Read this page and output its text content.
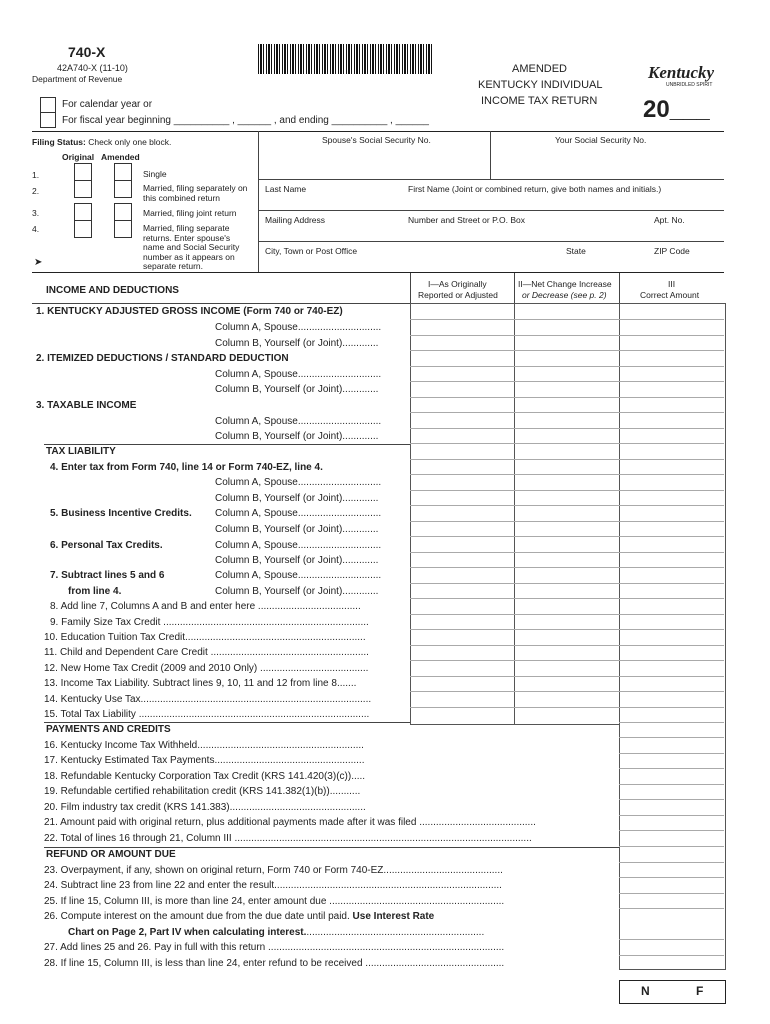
740-X
42A740-X (11-10)
Department of Revenue
AMENDED
KENTUCKY INDIVIDUAL
INCOME TAX RETURN
Kentucky
UNBRIDLED SPIRIT
20___
For calendar year or
For fiscal year beginning __________ , ______ , and ending __________ , ______
Filing Status: Check only one block.
Original Amended
1.	Single
2.	Married, filing separately on this combined return
3.	Married, filing joint return
4.	Married, filing separate returns. Enter spouse's name and Social Security number as it appears on separate return.
➤
Spouse's Social Security No.	Your Social Security No.
Last Name	First Name (Joint or combined return, give both names and initials.)
Mailing Address	Number and Street or P.O. Box	Apt. No.
City, Town or Post Office	State	ZIP Code
INCOME AND DEDUCTIONS
I—As Originally
Reported or Adjusted
II—Net Change Increase
or Decrease (see p. 2)
III
Correct Amount
1. KENTUCKY ADJUSTED GROSS INCOME (Form 740 or 740-EZ)
Column A, Spouse..............................
Column B, Yourself (or Joint).............
2. ITEMIZED DEDUCTIONS / STANDARD DEDUCTION
Column A, Spouse..............................
Column B, Yourself (or Joint).............
3. TAXABLE INCOME
Column A, Spouse..............................
Column B, Yourself (or Joint).............
TAX LIABILITY
4. Enter tax from Form 740, line 14 or Form 740-EZ, line 4.
Column A, Spouse..............................
Column B, Yourself (or Joint).............
5. Business Incentive Credits. Column A, Spouse..............................
Column B, Yourself (or Joint).............
6. Personal Tax Credits.	Column A, Spouse..............................
Column B, Yourself (or Joint).............
7. Subtract lines 5 and 6	Column A, Spouse..............................
from line 4.	Column B, Yourself (or Joint).............
8. Add line 7, Columns A and B and enter here .....................................
9. Family Size Tax Credit ..........................................................................
10. Education Tuition Tax Credit.................................................................
11. Child and Dependent Care Credit .........................................................
12. New Home Tax Credit (2009 and 2010 Only) .......................................
13. Income Tax Liability. Subtract lines 9, 10, 11 and 12 from line 8.......
14. Kentucky Use Tax...................................................................................
15. Total Tax Liability ...................................................................................
PAYMENTS AND CREDITS
16. Kentucky Income Tax Withheld............................................................
17. Kentucky Estimated Tax Payments......................................................
18. Refundable Kentucky Corporation Tax Credit (KRS 141.420(3)(c)).....
19. Refundable certified rehabilitation credit (KRS 141.382(1)(b))...........
20. Film industry tax credit (KRS 141.383).................................................
21. Amount paid with original return, plus additional payments made after it was filed ..........................................
22. Total of lines 16 through 21, Column III ...........................................................................................................
REFUND OR AMOUNT DUE
23. Overpayment, if any, shown on original return, Form 740 or Form 740-EZ...........................................
24. Subtract line 23 from line 22 and enter the result..................................................................................
25. If line 15, Column III, is more than line 24, enter amount due ...............................................................
26. Compute interest on the amount due from the due date until paid. Use Interest Rate
Chart on Page 2, Part IV when calculating interest.................................................................
27. Add lines 25 and 26. Pay in full with this return .....................................................................................
28. If line 15, Column III, is less than line 24, enter refund to be received ..................................................
N	F
